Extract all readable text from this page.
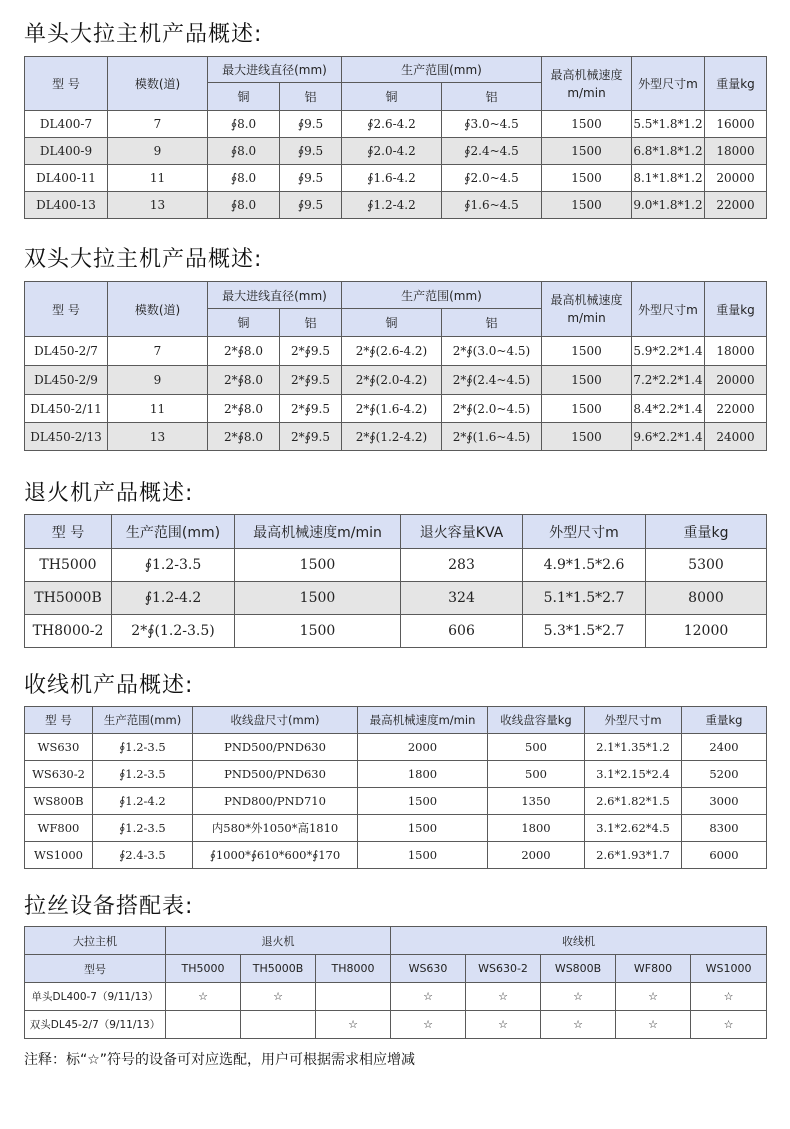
单头大拉主机产品概述:
型 号	模数(道)	最大进线直径(mm)		生产范围(mm)		最高机械速度m/min	外型尺寸m	重量kg
		铜	铝	铜	铝			
DL400-7	7	∮8.0	∮9.5	∮2.6-4.2	∮3.0~4.5	1500	5.5*1.8*1.2	16000
DL400-9	9	∮8.0	∮9.5	∮2.0-4.2	∮2.4~4.5	1500	6.8*1.8*1.2	18000
DL400-11	11	∮8.0	∮9.5	∮1.6-4.2	∮2.0~4.5	1500	8.1*1.8*1.2	20000
DL400-13	13	∮8.0	∮9.5	∮1.2-4.2	∮1.6~4.5	1500	9.0*1.8*1.2	22000
双头大拉主机产品概述:
型 号	模数(道)	最大进线直径(mm)		生产范围(mm)		最高机械速度m/min	外型尺寸m	重量kg
		铜	铝	铜	铝			
DL450-2/7	7	2*∮8.0	2*∮9.5	2*∮(2.6-4.2)	2*∮(3.0~4.5)	1500	5.9*2.2*1.4	18000
DL450-2/9	9	2*∮8.0	2*∮9.5	2*∮(2.0-4.2)	2*∮(2.4~4.5)	1500	7.2*2.2*1.4	20000
DL450-2/11	11	2*∮8.0	2*∮9.5	2*∮(1.6-4.2)	2*∮(2.0~4.5)	1500	8.4*2.2*1.4	22000
DL450-2/13	13	2*∮8.0	2*∮9.5	2*∮(1.2-4.2)	2*∮(1.6~4.5)	1500	9.6*2.2*1.4	24000
退火机产品概述:
型 号	生产范围(mm)	最高机械速度m/min	退火容量KVA	外型尺寸m	重量kg
TH5000	∮1.2-3.5	1500	283	4.9*1.5*2.6	5300
TH5000B	∮1.2-4.2	1500	324	5.1*1.5*2.7	8000
TH8000-2	2*∮(1.2-3.5)	1500	606	5.3*1.5*2.7	12000
收线机产品概述:
型 号	生产范围(mm)	收线盘尺寸(mm)	最高机械速度m/min	收线盘容量kg	外型尺寸m	重量kg
WS630	∮1.2-3.5	PND500/PND630	2000	500	2.1*1.35*1.2	2400
WS630-2	∮1.2-3.5	PND500/PND630	1800	500	3.1*2.15*2.4	5200
WS800B	∮1.2-4.2	PND800/PND710	1500	1350	2.6*1.82*1.5	3000
WF800	∮1.2-3.5	内580*外1050*高1810	1500	1800	3.1*2.62*4.5	8300
WS1000	∮2.4-3.5	∮1000*∮610*600*∮170	1500	2000	2.6*1.93*1.7	6000
拉丝设备搭配表:
大拉主机	退火机			收线机				
型号	TH5000	TH5000B	TH8000	WS630	WS630-2	WS800B	WF800	WS1000
单头DL400-7（9/11/13）	☆	☆		☆	☆	☆	☆	☆
双头DL45-2/7（9/11/13）			☆	☆	☆	☆	☆	☆

注释：标“☆”符号的设备可对应选配，用户可根据需求相应增减
